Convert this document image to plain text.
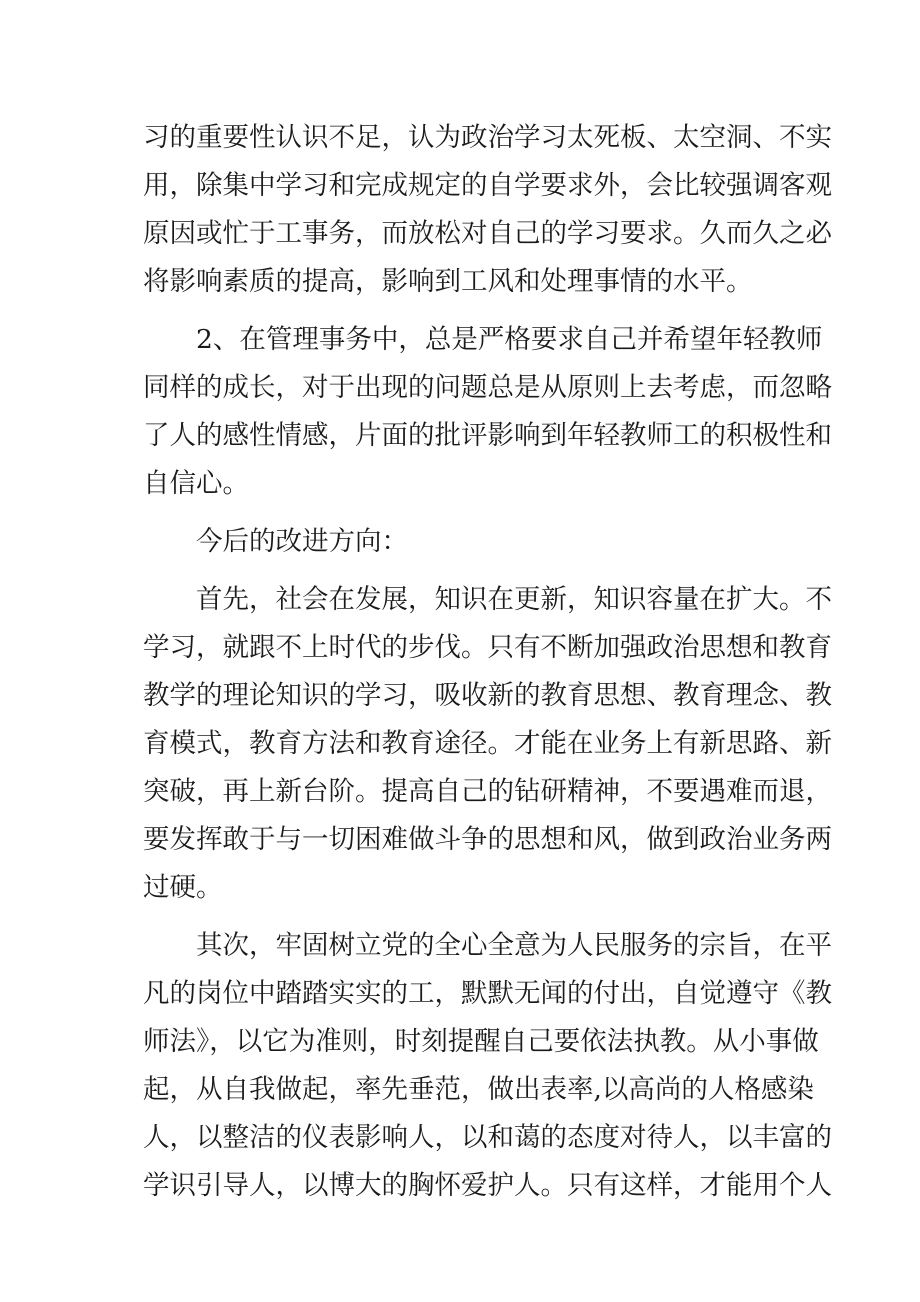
习的重要性认识不足，认为政治学习太死板、太空洞、不实
用，除集中学习和完成规定的自学要求外，会比较强调客观
原因或忙于工事务，而放松对自己的学习要求。久而久之必
将影响素质的提高，影响到工风和处理事情的水平。
2、在管理事务中，总是严格要求自己并希望年轻教师
同样的成长，对于出现的问题总是从原则上去考虑，而忽略
了人的感性情感，片面的批评影响到年轻教师工的积极性和
自信心。
今后的改进方向：
首先，社会在发展，知识在更新，知识容量在扩大。不
学习，就跟不上时代的步伐。只有不断加强政治思想和教育
教学的理论知识的学习，吸收新的教育思想、教育理念、教
育模式，教育方法和教育途径。才能在业务上有新思路、新
突破，再上新台阶。提高自己的钻研精神，不要遇难而退，
要发挥敢于与一切困难做斗争的思想和风，做到政治业务两
过硬。
其次，牢固树立党的全心全意为人民服务的宗旨，在平
凡的岗位中踏踏实实的工，默默无闻的付出，自觉遵守《教
师法》，以它为准则，时刻提醒自己要依法执教。从小事做
起，从自我做起，率先垂范，做出表率,以高尚的人格感染
人，以整洁的仪表影响人，以和蔼的态度对待人，以丰富的
学识引导人，以博大的胸怀爱护人。只有这样，才能用个人
